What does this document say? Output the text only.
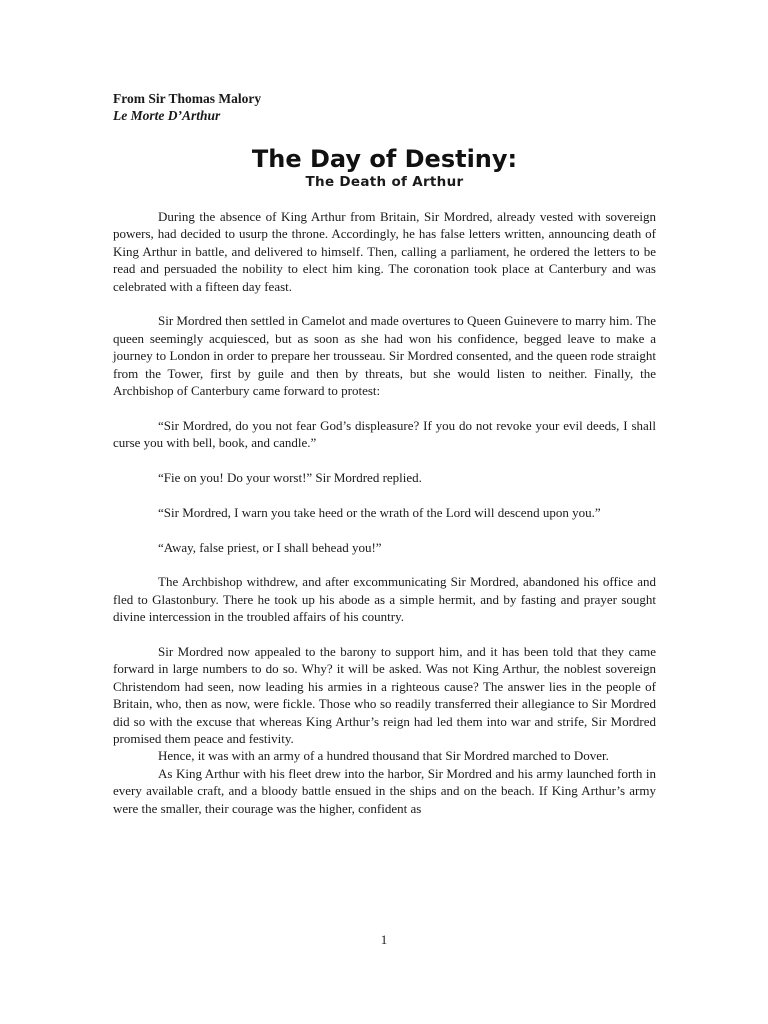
From Sir Thomas Malory
Le Morte D’Arthur
The Day of Destiny:
The Death of Arthur

During the absence of King Arthur from Britain, Sir Mordred, already vested with sovereign powers, had decided to usurp the throne. Accordingly, he has false letters written, announcing death of King Arthur in battle, and delivered to himself. Then, calling a parliament, he ordered the letters to be read and persuaded the nobility to elect him king. The coronation took place at Canterbury and was celebrated with a fifteen day feast.

Sir Mordred then settled in Camelot and made overtures to Queen Guinevere to marry him. The queen seemingly acquiesced, but as soon as she had won his confidence, begged leave to make a journey to London in order to prepare her trousseau. Sir Mordred consented, and the queen rode straight from the Tower, first by guile and then by threats, but she would listen to neither. Finally, the Archbishop of Canterbury came forward to protest:

“Sir Mordred, do you not fear God’s displeasure? If you do not revoke your evil deeds, I shall curse you with bell, book, and candle.”

“Fie on you! Do your worst!” Sir Mordred replied.

“Sir Mordred, I warn you take heed or the wrath of the Lord will descend upon you.”

“Away, false priest, or I shall behead you!”

The Archbishop withdrew, and after excommunicating Sir Mordred, abandoned his office and fled to Glastonbury. There he took up his abode as a simple hermit, and by fasting and prayer sought divine intercession in the troubled affairs of his country.

Sir Mordred now appealed to the barony to support him, and it has been told that they came forward in large numbers to do so. Why? it will be asked. Was not King Arthur, the noblest sovereign Christendom had seen, now leading his armies in a righteous cause? The answer lies in the people of Britain, who, then as now, were fickle. Those who so readily transferred their allegiance to Sir Mordred did so with the excuse that whereas King Arthur’s reign had led them into war and strife, Sir Mordred promised them peace and festivity.

Hence, it was with an army of a hundred thousand that Sir Mordred marched to Dover.

As King Arthur with his fleet drew into the harbor, Sir Mordred and his army launched forth in every available craft, and a bloody battle ensued in the ships and on the beach. If King Arthur’s army were the smaller, their courage was the higher, confident as

1
